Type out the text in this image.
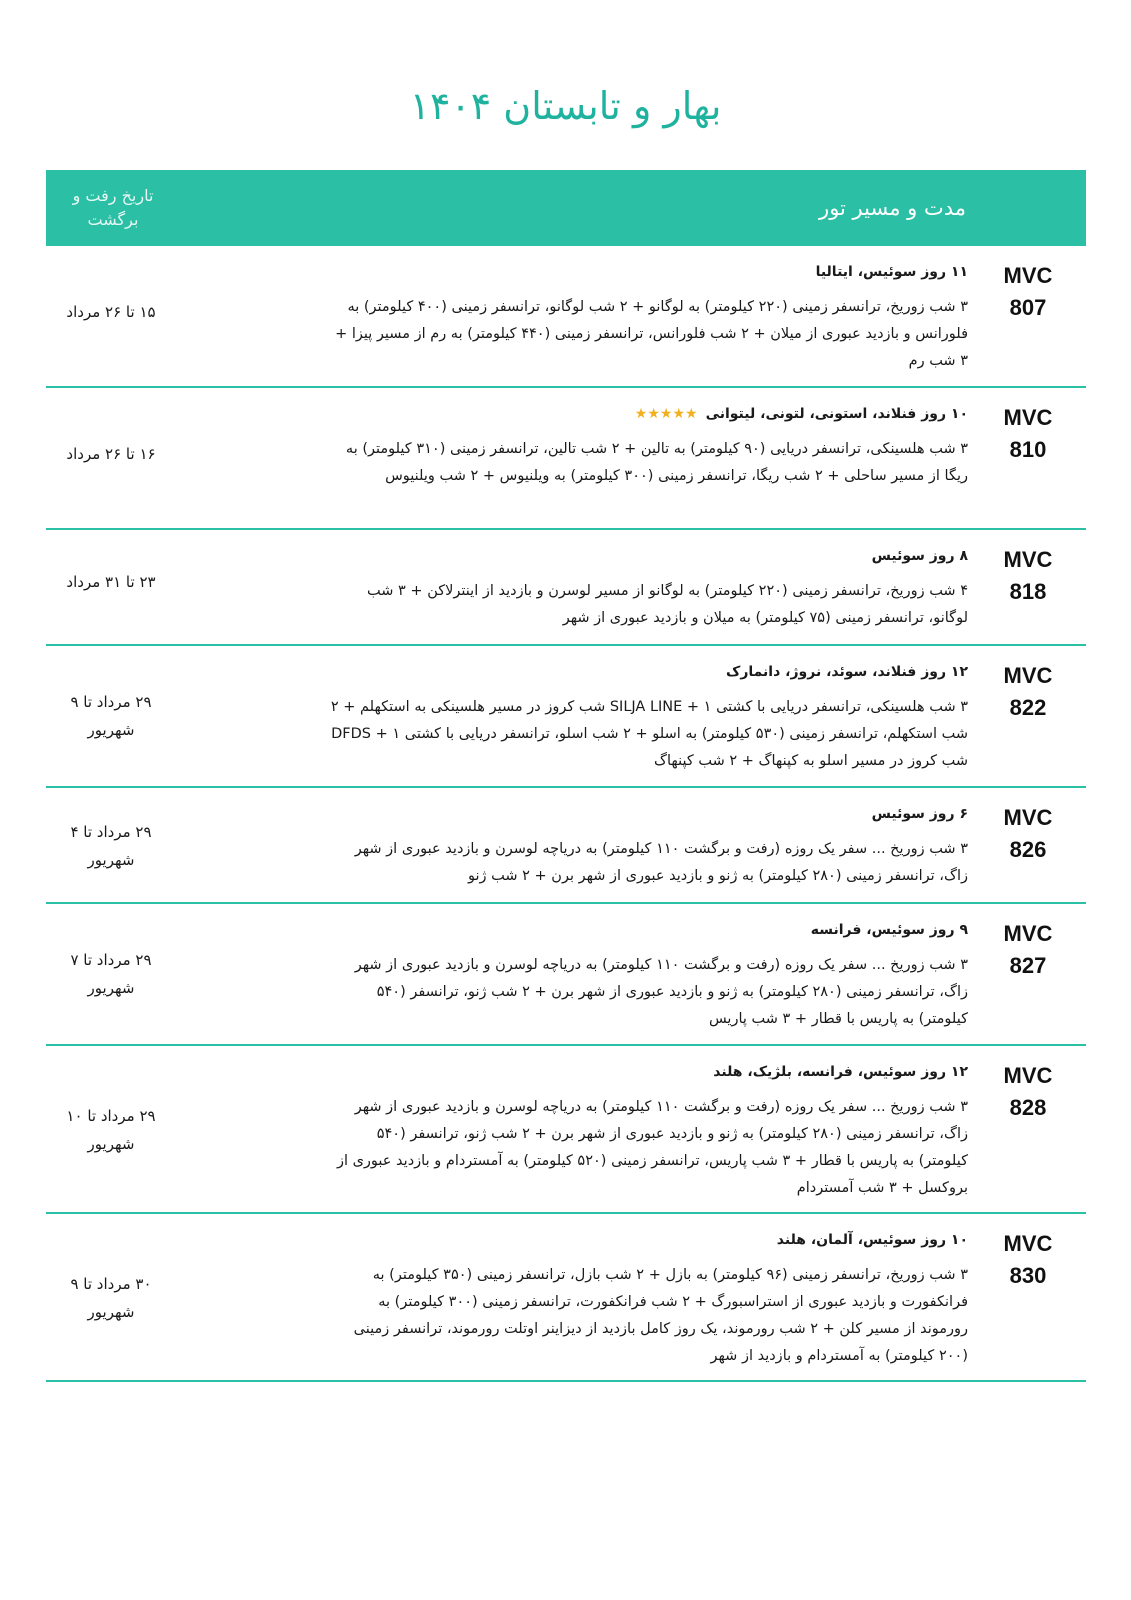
بهار و تابستان ۱۴۰۴
مدت و مسیر تور
تاریخ رفت و برگشت
MVC
807
۱۱ روز سوئیس، ایتالیا

۳ شب زوریخ، ترانسفر زمینی (۲۲۰ کیلومتر) به لوگانو + ۲ شب لوگانو، ترانسفر زمینی (۴۰۰ کیلومتر) به فلورانس و بازدید عبوری از میلان + ۲ شب فلورانس، ترانسفر زمینی (۴۴۰ کیلومتر) به رم از مسیر پیزا + ۳ شب رم

۱۵ تا ۲۶ مرداد
MVC
810
۱۰ روز فنلاند، استونی، لتونی، لیتوانی★★★★★

۳ شب هلسینکی، ترانسفر دریایی (۹۰ کیلومتر) به تالین + ۲ شب تالین، ترانسفر زمینی (۳۱۰ کیلومتر) به ریگا از مسیر ساحلی + ۲ شب ریگا، ترانسفر زمینی (۳۰۰ کیلومتر) به ویلنیوس + ۲ شب ویلنیوس

۱۶ تا ۲۶ مرداد
MVC
818
۸ روز سوئیس

۴ شب زوریخ، ترانسفر زمینی (۲۲۰ کیلومتر) به لوگانو از مسیر لوسرن و بازدید از اینترلاکن + ۳ شب لوگانو، ترانسفر زمینی (۷۵ کیلومتر) به میلان و بازدید عبوری از شهر

۲۳ تا ۳۱ مرداد
MVC
822
۱۲ روز فنلاند، سوئد، نروژ، دانمارک

۳ شب هلسینکی، ترانسفر دریایی با کشتی SILJA LINE + ۱ شب کروز در مسیر هلسینکی به استکهلم + ۲ شب استکهلم، ترانسفر زمینی (۵۳۰ کیلومتر) به اسلو + ۲ شب اسلو، ترانسفر دریایی با کشتی DFDS + ۱ شب کروز در مسیر اسلو به کپنهاگ + ۲ شب کپنهاگ

۲۹ مرداد تا ۹ شهریور
MVC
826
۶ روز سوئیس

۳ شب زوریخ ... سفر یک روزه (رفت و برگشت ۱۱۰ کیلومتر) به دریاچه لوسرن و بازدید عبوری از شهر زاگ، ترانسفر زمینی (۲۸۰ کیلومتر) به ژنو و بازدید عبوری از شهر برن + ۲ شب ژنو

۲۹ مرداد تا ۴ شهریور
MVC
827
۹ روز سوئیس، فرانسه

۳ شب زوریخ ... سفر یک روزه (رفت و برگشت ۱۱۰ کیلومتر) به دریاچه لوسرن و بازدید عبوری از شهر زاگ، ترانسفر زمینی (۲۸۰ کیلومتر) به ژنو و بازدید عبوری از شهر برن + ۲ شب ژنو، ترانسفر (۵۴۰ کیلومتر) به پاریس با قطار + ۳ شب پاریس

۲۹ مرداد تا ۷ شهریور
MVC
828
۱۲ روز سوئیس، فرانسه، بلژیک، هلند

۳ شب زوریخ ... سفر یک روزه (رفت و برگشت ۱۱۰ کیلومتر) به دریاچه لوسرن و بازدید عبوری از شهر زاگ، ترانسفر زمینی (۲۸۰ کیلومتر) به ژنو و بازدید عبوری از شهر برن + ۲ شب ژنو، ترانسفر (۵۴۰ کیلومتر) به پاریس با قطار + ۳ شب پاریس، ترانسفر زمینی (۵۲۰ کیلومتر) به آمستردام و بازدید عبوری از بروکسل + ۳ شب آمستردام

۲۹ مرداد تا ۱۰ شهریور
MVC
830
۱۰ روز سوئیس، آلمان، هلند

۳ شب زوریخ، ترانسفر زمینی (۹۶ کیلومتر) به بازل + ۲ شب بازل، ترانسفر زمینی (۳۵۰ کیلومتر) به فرانکفورت و بازدید عبوری از استراسبورگ + ۲ شب فرانکفورت، ترانسفر زمینی (۳۰۰ کیلومتر) به رورموند از مسیر کلن + ۲ شب رورموند، یک روز کامل بازدید از دیزاینر اوتلت رورموند، ترانسفر زمینی (۲۰۰ کیلومتر) به آمستردام و بازدید از شهر

۳۰ مرداد تا ۹ شهریور
